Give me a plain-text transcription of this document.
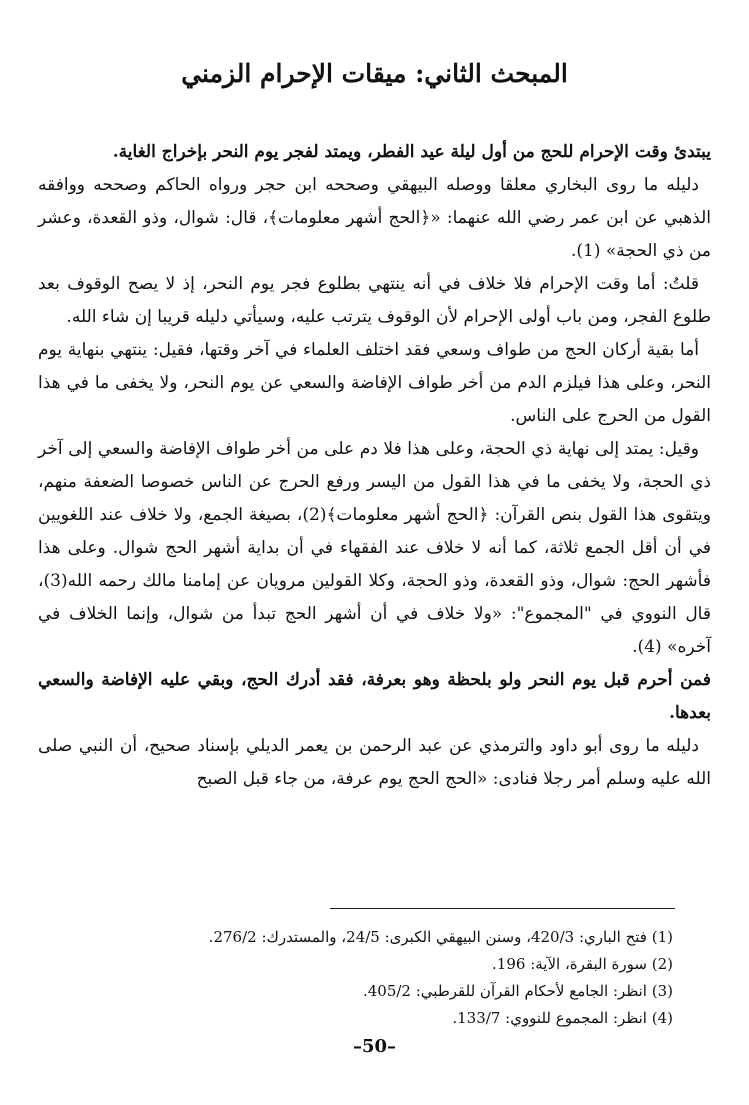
المبحث الثاني: ميقات الإحرام الزمني

يبتدئ وقت الإحرام للحج من أول ليلة عيد الفطر، ويمتد لفجر يوم النحر بإخراج الغاية.

دليله ما روى البخاري معلقا ووصله البيهقي وصححه ابن حجر ورواه الحاكم وصححه ووافقه الذهبي عن ابن عمر رضي الله عنهما: «﴿الحج أشهر معلومات﴾، قال: شوال، وذو القعدة، وعشر من ذي الحجة» (1).

قلتُ: أما وقت الإحرام فلا خلاف في أنه ينتهي بطلوع فجر يوم النحر، إذ لا يصح الوقوف بعد طلوع الفجر، ومن باب أولى الإحرام لأن الوقوف يترتب عليه، وسيأتي دليله قريبا إن شاء الله.

أما بقية أركان الحج من طواف وسعي فقد اختلف العلماء في آخر وقتها، فقيل: ينتهي بنهاية يوم النحر، وعلى هذا فيلزم الدم من أخر طواف الإفاضة والسعي عن يوم النحر، ولا يخفى ما في هذا القول من الحرج على الناس.

وقيل: يمتد إلى نهاية ذي الحجة، وعلى هذا فلا دم على من أخر طواف الإفاضة والسعي إلى آخر ذي الحجة، ولا يخفى ما في هذا القول من اليسر ورفع الحرج عن الناس خصوصا الضعفة منهم، ويتقوى هذا القول بنص القرآن: ﴿الحج أشهر معلومات﴾(2)، بصيغة الجمع، ولا خلاف عند اللغويين في أن أقل الجمع ثلاثة، كما أنه لا خلاف عند الفقهاء في أن بداية أشهر الحج شوال. وعلى هذا فأشهر الحج: شوال، وذو القعدة، وذو الحجة، وكلا القولين مرويان عن إمامنا مالك رحمه الله(3)، قال النووي في "المجموع": «ولا خلاف في أن أشهر الحج تبدأ من شوال، وإنما الخلاف في آخره» (4).

فمن أحرم قبل يوم النحر ولو بلحظة وهو بعرفة، فقد أدرك الحج، وبقي عليه الإفاضة والسعي بعدها.

دليله ما روى أبو داود والترمذي عن عبد الرحمن بن يعمر الديلي بإسناد صحيح، أن النبي صلى الله عليه وسلم أمر رجلا فنادى: «الحج الحج يوم عرفة، من جاء قبل الصبح

(1) فتح الباري: 420/3، وسنن البيهقي الكبرى: 24/5، والمستدرك: 276/2.
(2) سورة البقرة، الآية: 196.
(3) انظر: الجامع لأحكام القرآن للقرطبي: 405/2.
(4) انظر: المجموع للنووي: 133/7.
–50–
